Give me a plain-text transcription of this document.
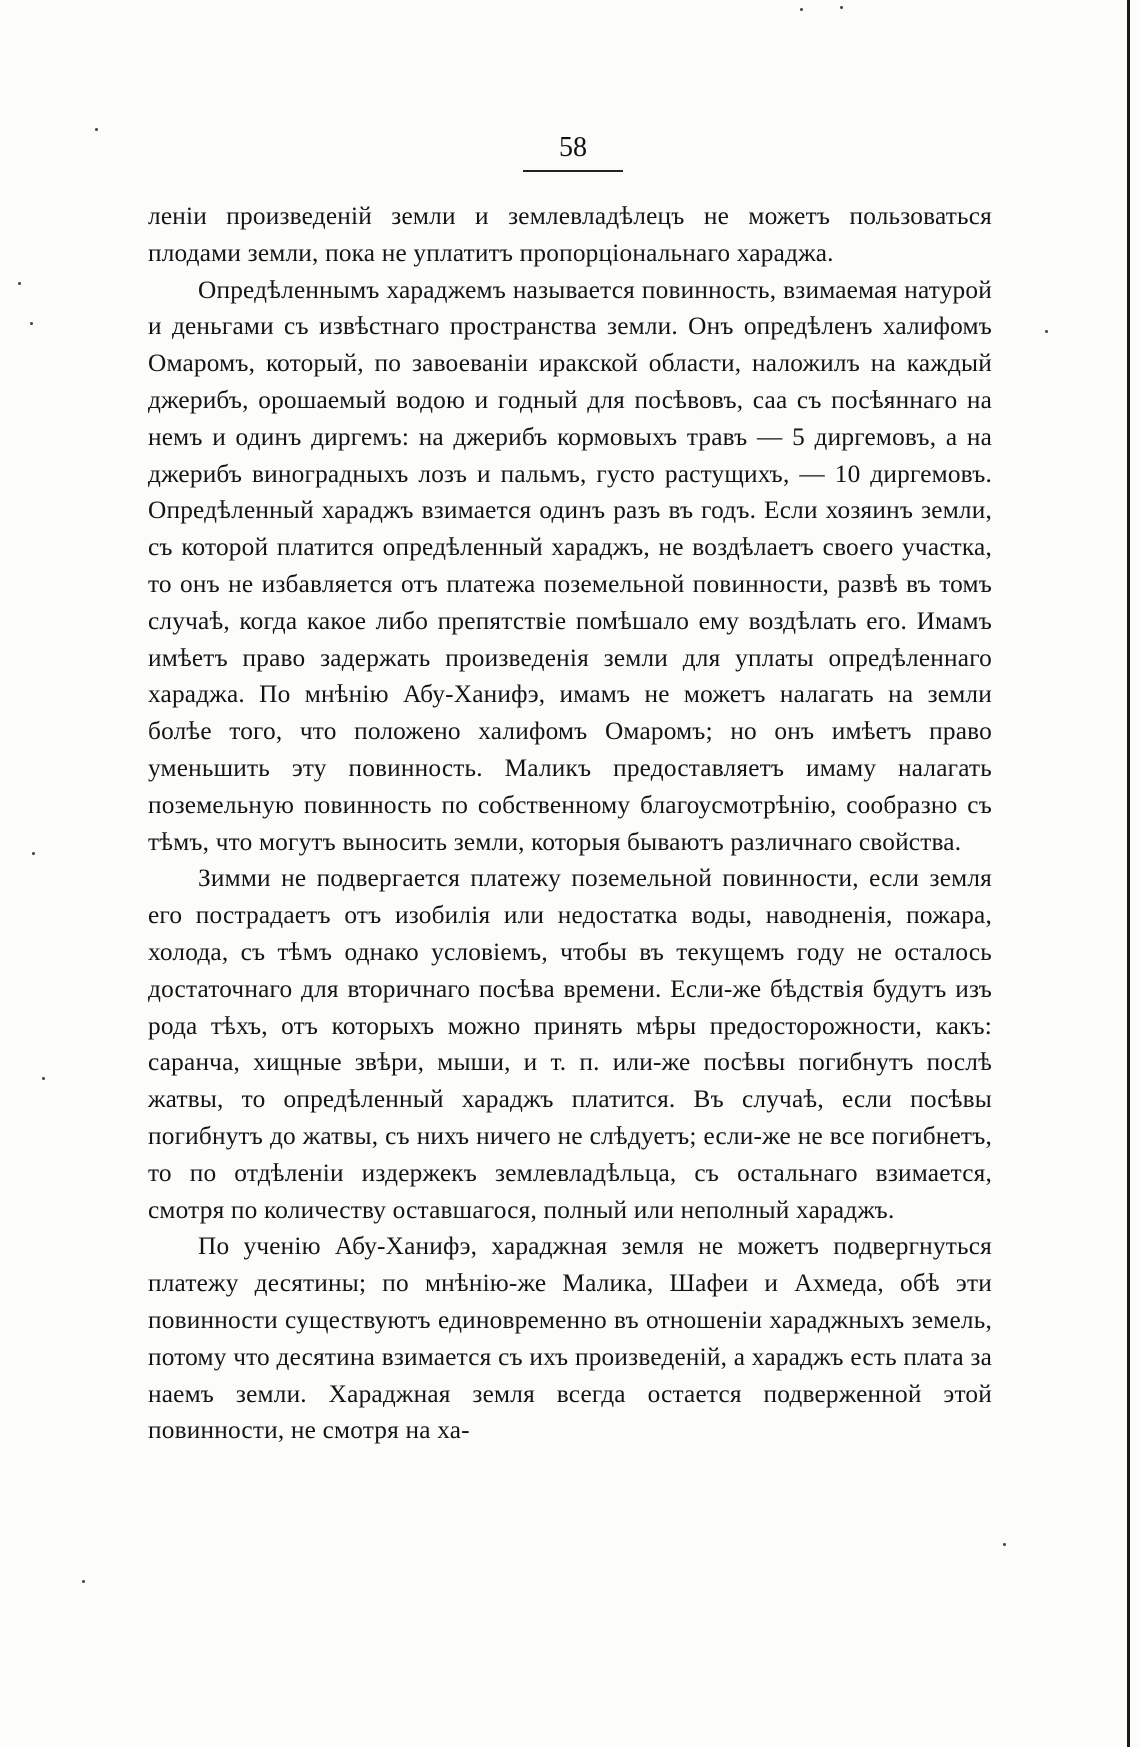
58

леніи произведеній земли и землевладѣлецъ не можетъ пользоваться плодами земли, пока не уплатитъ пропорціональнаго хараджа.

Опредѣленнымъ хараджемъ называется повинность, взимаемая натурой и деньгами съ извѣстнаго пространства земли. Онъ опредѣленъ халифомъ Омаромъ, который, по завоеваніи иракской области, наложилъ на каждый джерибъ, орошаемый водою и годный для посѣвовъ, саа съ посѣяннаго на немъ и одинъ диргемъ: на джерибъ кормовыхъ травъ — 5 диргемовъ, а на джерибъ виноградныхъ лозъ и пальмъ, густо растущихъ, — 10 диргемовъ. Опредѣленный хараджъ взимается одинъ разъ въ годъ. Если хозяинъ земли, съ которой платится опредѣленный хараджъ, не воздѣлаетъ своего участка, то онъ не избавляется отъ платежа поземельной повинности, развѣ въ томъ случаѣ, когда какое либо препятствіе помѣшало ему воздѣлать его. Имамъ имѣетъ право задержать произведенія земли для уплаты опредѣленнаго хараджа. По мнѣнію Абу-Ханифэ, имамъ не можетъ налагать на земли болѣе того, что положено халифомъ Омаромъ; но онъ имѣетъ право уменьшить эту повинность. Маликъ предоставляетъ имаму налагать поземельную повинность по собственному благоусмотрѣнію, сообразно съ тѣмъ, что могутъ выносить земли, которыя бываютъ различнаго свойства.

Зимми не подвергается платежу поземельной повинности, если земля его пострадаетъ отъ изобилія или недостатка воды, наводненія, пожара, холода, съ тѣмъ однако условіемъ, чтобы въ текущемъ году не осталось достаточнаго для вторичнаго посѣва времени. Если-же бѣдствія будутъ изъ рода тѣхъ, отъ которыхъ можно принять мѣры предосторожности, какъ: саранча, хищные звѣри, мыши, и т. п. или-же посѣвы погибнутъ послѣ жатвы, то опредѣленный хараджъ платится. Въ случаѣ, если посѣвы погибнутъ до жатвы, съ нихъ ничего не слѣдуетъ; если-же не все погибнетъ, то по отдѣленіи издержекъ землевладѣльца, съ остальнаго взимается, смотря по количеству оставшагося, полный или неполный хараджъ.

По ученію Абу-Ханифэ, хараджная земля не можетъ подвергнуться платежу десятины; по мнѣнію-же Малика, Шафеи и Ахмеда, обѣ эти повинности существуютъ единовременно въ отношеніи хараджныхъ земель, потому что десятина взимается съ ихъ произведеній, а хараджъ есть плата за наемъ земли. Хараджная земля всегда остается подверженной этой повинности, не смотря на ха-
